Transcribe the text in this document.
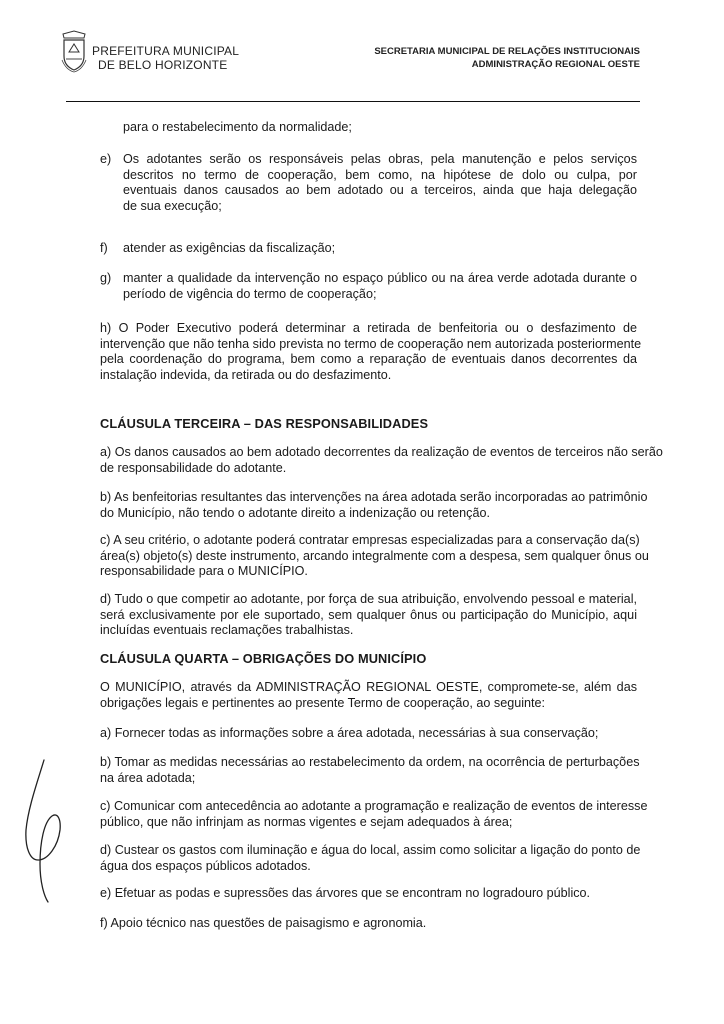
PREFEITURA MUNICIPAL
DE BELO HORIZONTE
SECRETARIA MUNICIPAL DE RELAÇÕES INSTITUCIONAIS
ADMINISTRAÇÃO REGIONAL OESTE
para o restabelecimento da normalidade;
e) Os adotantes serão os responsáveis pelas obras, pela manutenção e pelos serviços
descritos no termo de cooperação, bem como, na hipótese de dolo ou culpa, por
eventuais danos causados ao bem adotado ou a terceiros, ainda que haja delegação
de sua execução;
f) atender as exigências da fiscalização;
g) manter a qualidade da intervenção no espaço público ou na área verde adotada durante o
período de vigência do termo de cooperação;
h) O Poder Executivo poderá determinar a retirada de benfeitoria ou o desfazimento de
intervenção que não tenha sido prevista no termo de cooperação nem autorizada posteriormente
pela coordenação do programa, bem como a reparação de eventuais danos decorrentes da
instalação indevida, da retirada ou do desfazimento.
CLÁUSULA TERCEIRA – DAS RESPONSABILIDADES
a) Os danos causados ao bem adotado decorrentes da realização de eventos de terceiros não serão
de responsabilidade do adotante.
b) As benfeitorias resultantes das intervenções na área adotada serão incorporadas ao patrimônio
do Município, não tendo o adotante direito a indenização ou retenção.
c) A seu critério, o adotante poderá contratar empresas especializadas para a conservação da(s)
área(s) objeto(s) deste instrumento, arcando integralmente com a despesa, sem qualquer ônus ou
responsabilidade para o MUNICÍPIO.
d) Tudo o que competir ao adotante, por força de sua atribuição, envolvendo pessoal e material,
será exclusivamente por ele suportado, sem qualquer ônus ou participação do Município, aqui
incluídas eventuais reclamações trabalhistas.
CLÁUSULA QUARTA – OBRIGAÇÕES DO MUNICÍPIO
O MUNICÍPIO, através da ADMINISTRAÇÃO REGIONAL OESTE, compromete-se, além das
obrigações legais e pertinentes ao presente Termo de cooperação, ao seguinte:
a) Fornecer todas as informações sobre a área adotada, necessárias à sua conservação;
b) Tomar as medidas necessárias ao restabelecimento da ordem, na ocorrência de perturbações
na área adotada;
c) Comunicar com antecedência ao adotante a programação e realização de eventos de interesse
público, que não infrinjam as normas vigentes e sejam adequados à área;
d) Custear os gastos com iluminação e água do local, assim como solicitar a ligação do ponto de
água dos espaços públicos adotados.
e) Efetuar as podas e supressões das árvores que se encontram no logradouro público.
f) Apoio técnico nas questões de paisagismo e agronomia.
